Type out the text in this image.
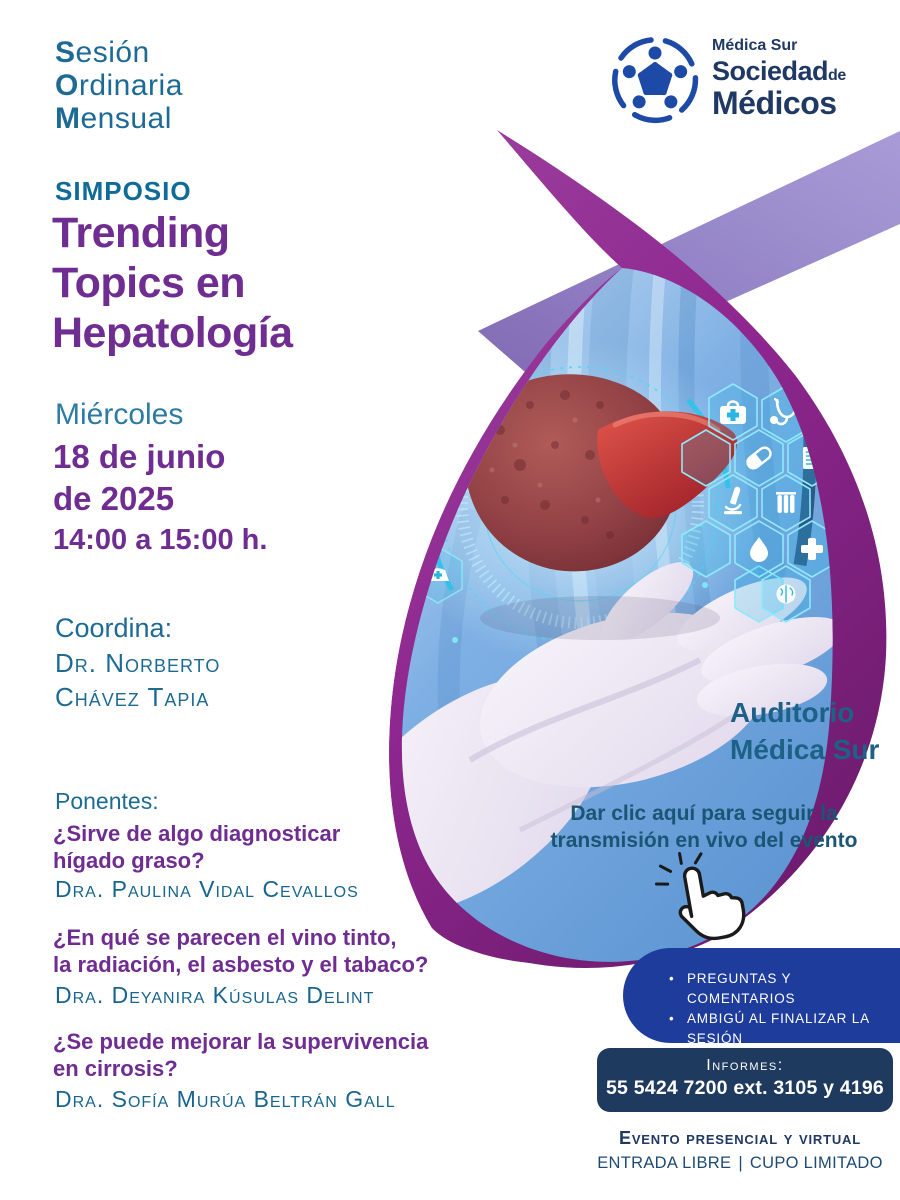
Sesión
Ordinaria
Mensual
Médica Sur
Sociedadde
Médicos
SIMPOSIO
Trending
Topics en
Hepatología
Miércoles
18 de junio
de 2025
14:00 a 15:00 h.
Coordina:
Dr. Norberto
Chávez Tapia
Ponentes:
¿Sirve de algo diagnosticar
hígado graso?
Dra. Paulina Vidal Cevallos
¿En qué se parecen el vino tinto,
la radiación, el asbesto y el tabaco?
Dra. Deyanira Kúsulas Delint
¿Se puede mejorar la supervivencia
en cirrosis?
Dra. Sofía Murúa Beltrán Gall
Auditorio
Médica Sur
Dar clic aquí para seguir la
transmisión en vivo del evento
• PREGUNTAS Y COMENTARIOS
• AMBIGÚ AL FINALIZAR LA SESIÓN
Informes:
55 5424 7200 ext. 3105 y 4196
Evento presencial y virtual
ENTRADA LIBRE | CUPO LIMITADO
